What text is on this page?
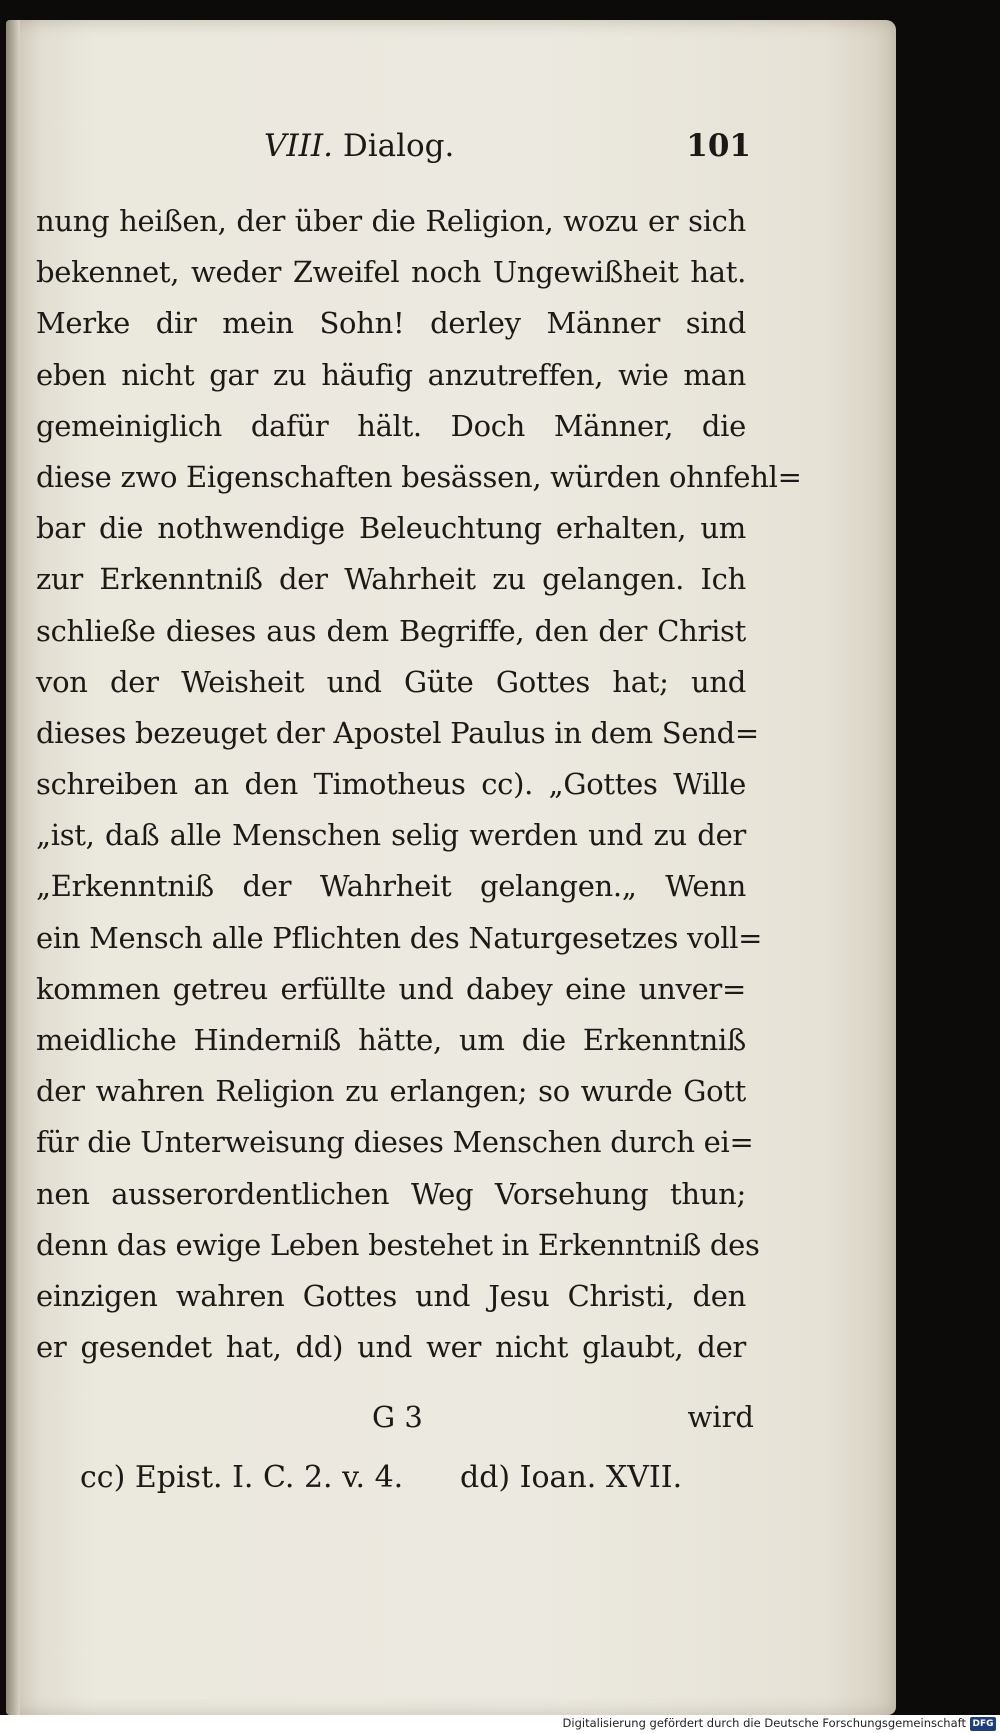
VIII. Dialog.	101
nung heißen, der über die Religion, wozu er sich
bekennet, weder Zweifel noch Ungewißheit hat.
Merke dir mein Sohn! derley Männer sind
eben nicht gar zu häufig anzutreffen, wie man
gemeiniglich dafür hält. Doch Männer, die
diese zwo Eigenschaften besässen, würden ohnfehl=
bar die nothwendige Beleuchtung erhalten, um
zur Erkenntniß der Wahrheit zu gelangen. Ich
schließe dieses aus dem Begriffe, den der Christ
von der Weisheit und Güte Gottes hat; und
dieses bezeuget der Apostel Paulus in dem Send=
schreiben an den Timotheus cc). „Gottes Wille
„ist, daß alle Menschen selig werden und zu der
„Erkenntniß der Wahrheit gelangen.„ Wenn
ein Mensch alle Pflichten des Naturgesetzes voll=
kommen getreu erfüllte und dabey eine unver=
meidliche Hinderniß hätte, um die Erkenntniß
der wahren Religion zu erlangen; so wurde Gott
für die Unterweisung dieses Menschen durch ei=
nen ausserordentlichen Weg Vorsehung thun;
denn das ewige Leben bestehet in Erkenntniß des
einzigen wahren Gottes und Jesu Christi, den
er gesendet hat, dd) und wer nicht glaubt, der
G 3	wird
cc) Epist. I. C. 2. v. 4. dd) Ioan. XVII.
Digitalisierung gefördert durch die Deutsche Forschungsgemeinschaft DFG
